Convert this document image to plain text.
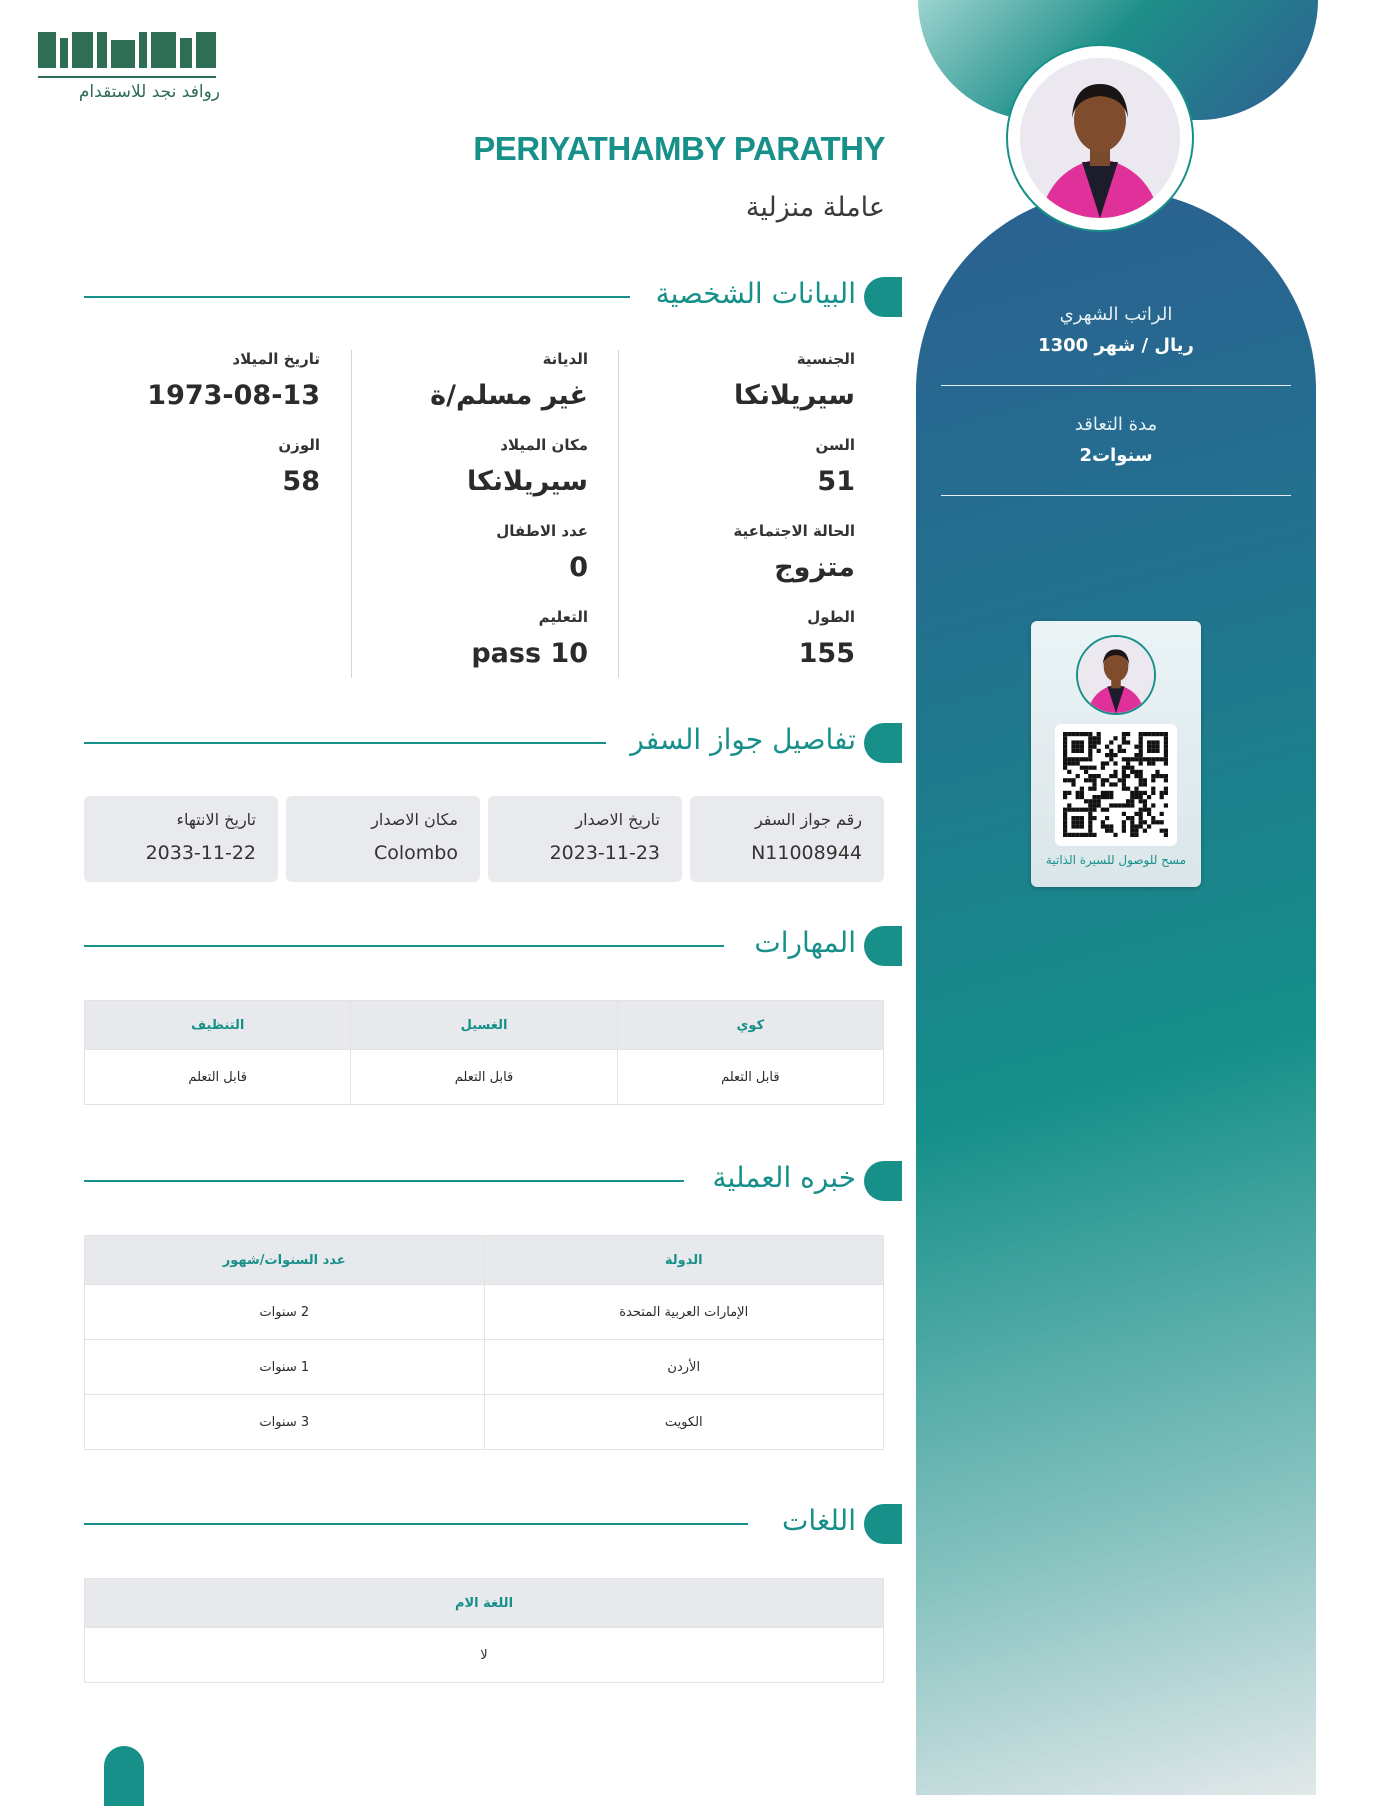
روافد نجد للاستقدام
الراتب الشهري
1300 ريال / شهر
مدة التعاقد
2سنوات
مسح للوصول للسيرة الذاتية
PERIYATHAMBY PARATHY
عاملة منزلية
البيانات الشخصية
الجنسية
سيريلانكا
السن
51
الحالة الاجتماعية
متزوج
الطول
155
الديانة
غير مسلم/ة
مكان الميلاد
سيريلانكا
عدد الاطفال
0
التعليم
pass 10
تاريخ الميلاد
1973-08-13
الوزن
58
تفاصيل جواز السفر
رقم جواز السفر
N11008944
تاريخ الاصدار
2023-11-23
مكان الاصدار
Colombo
تاريخ الانتهاء
2033-11-22
المهارات
كوي	الغسيل	التنظيف
قابل التعلم	قابل التعلم	قابل التعلم
خبره العملية
الدولة	عدد السنوات/شهور
الإمارات العربية المتحدة	2 سنوات
الأردن	1 سنوات
الكويت	3 سنوات
اللغات
اللغة الام
لا
